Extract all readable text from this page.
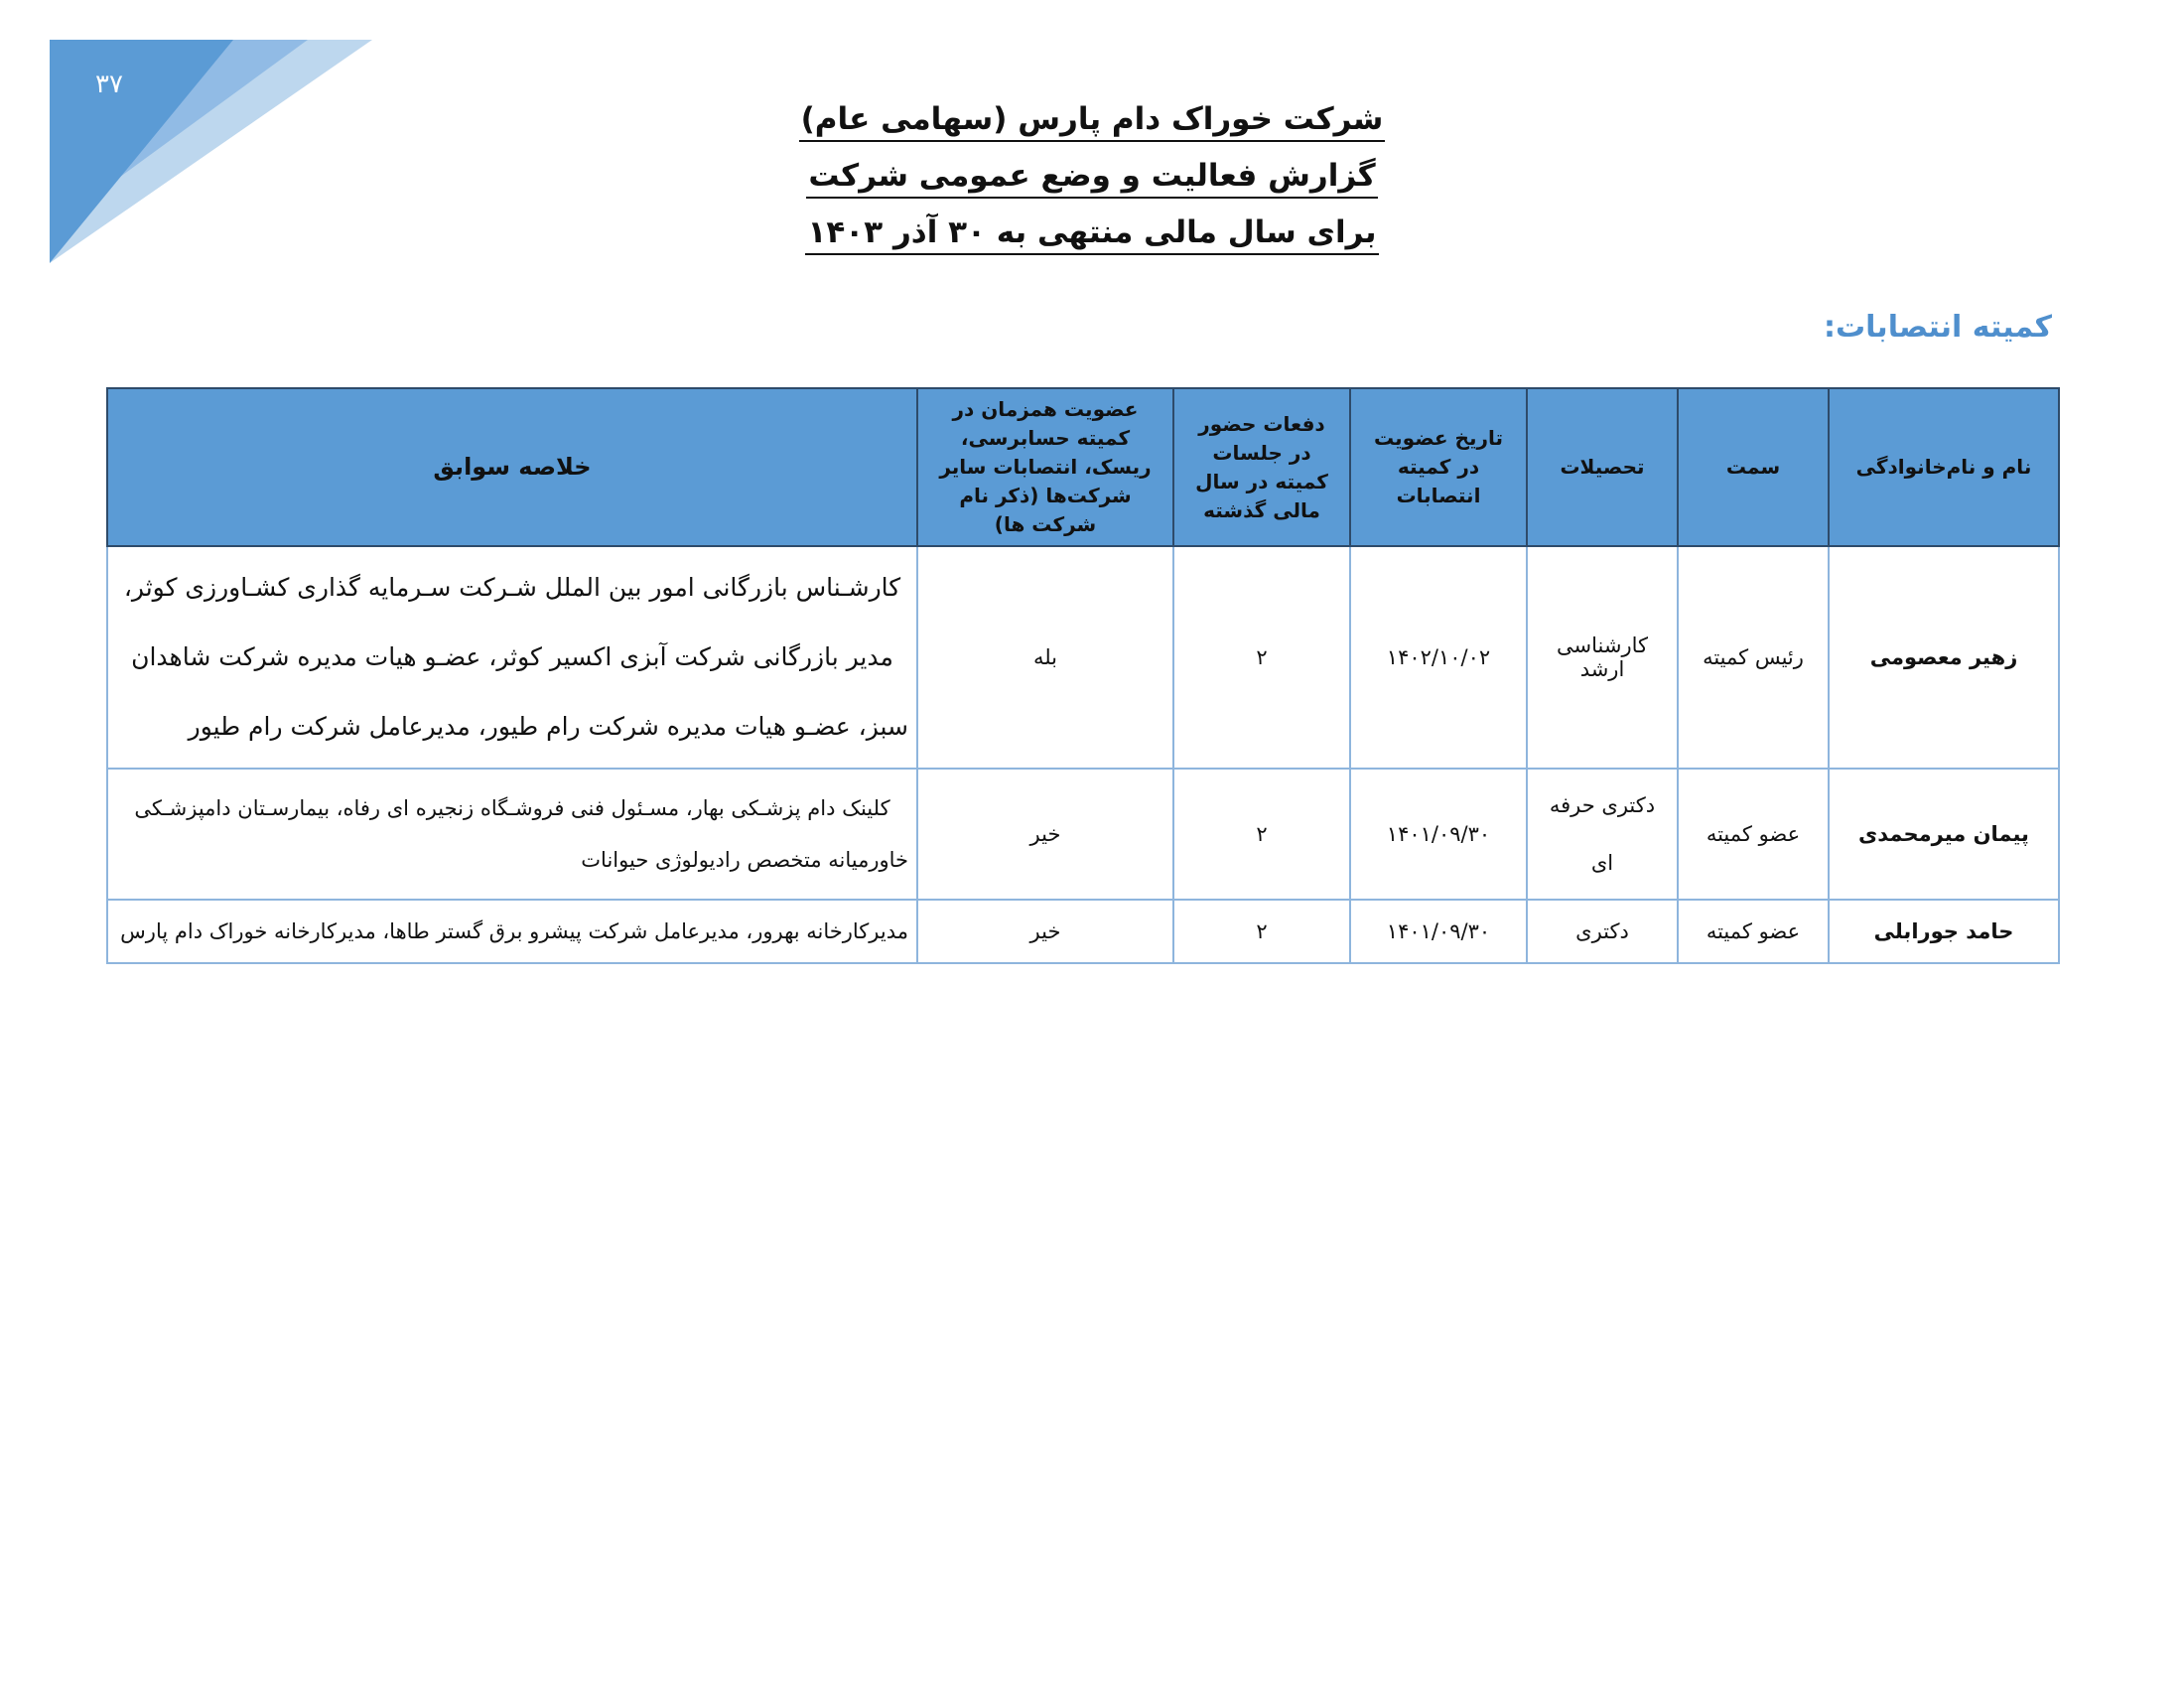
۳۷
شرکت خوراک دام پارس (سهامی عام)
گزارش فعالیت و وضع عمومی شرکت
برای سال مالی منتهی به ۳۰ آذر ۱۴۰۳
کمیته انتصابات:
نام و نام‌خانوادگی	سمت	تحصیلات	تاریخ عضویت در کمیته انتصابات	دفعات حضور در جلسات کمیته در سال مالی گذشته	عضویت همزمان در کمیته حسابرسی، ریسک، انتصابات سایر شرکت‌ها (ذکر نام شرکت ها)	خلاصه سوابق
زهیر معصومی	رئیس کمیته	کارشناسی ارشد	۱۴۰۲/۱۰/۰۲	۲	بله	کارشـناس بازرگانی امور بین الملل شـرکت سـرمایه گذاری کشـاورزی کوثر، مدیر بازرگانی شرکت آبزی اکسیر کوثر، عضـو هیات مدیره شرکت شاهدان سبز، عضـو هیات مدیره شرکت رام طیور، مدیرعامل شرکت رام طیور
پیمان میرمحمدی	عضو کمیته	دکتری حرفه ای	۱۴۰۱/۰۹/۳۰	۲	خیر	کلینک دام پزشـکی بهار، مسـئول فنی فروشـگاه زنجیره ای رفاه، بیمارسـتان دامپزشـکی خاورمیانه متخصص رادیولوژی حیوانات
حامد جورابلی	عضو کمیته	دکتری	۱۴۰۱/۰۹/۳۰	۲	خیر	مدیرکارخانه بهرور، مدیرعامل شرکت پیشرو برق گستر طاها، مدیرکارخانه خوراک دام پارس
